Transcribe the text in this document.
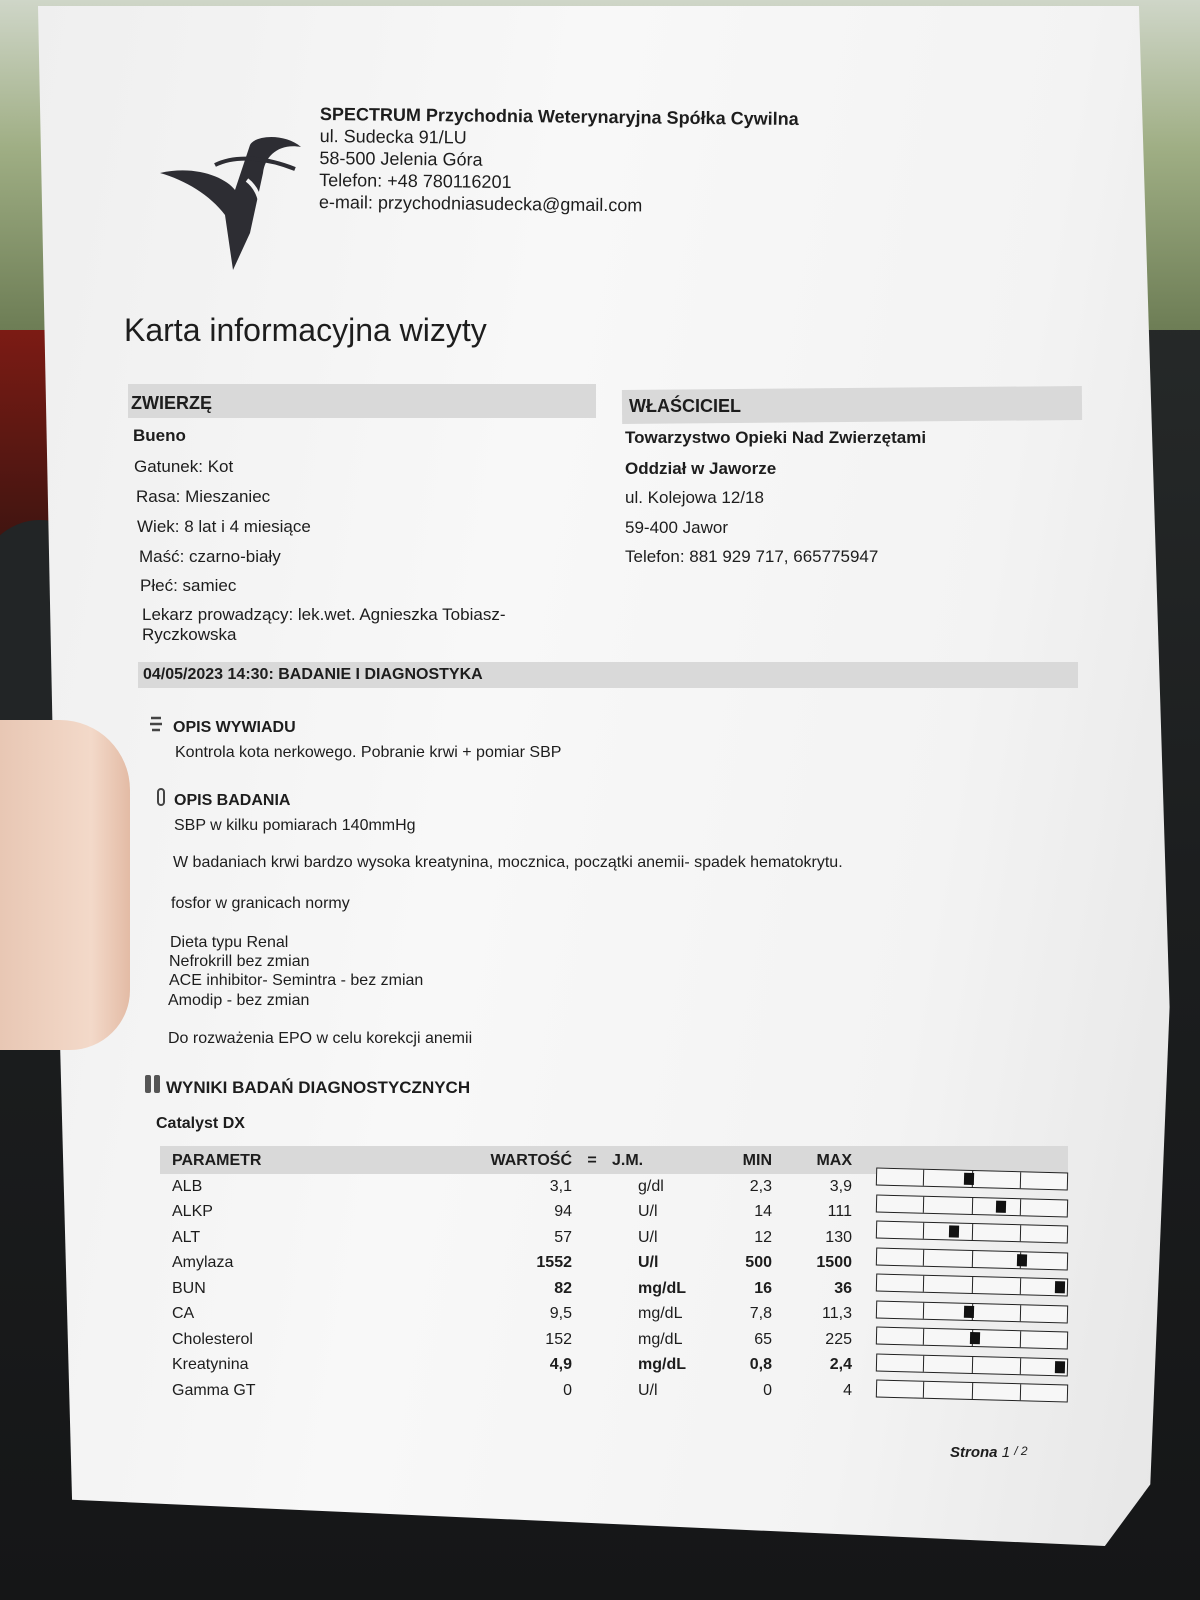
SPECTRUM Przychodnia Weterynaryjna Spółka Cywilna
ul. Sudecka 91/LU
58-500 Jelenia Góra
Telefon: +48 780116201
e-mail: przychodniasudecka@gmail.com
Karta informacyjna wizyty
ZWIERZĘ
Bueno
Gatunek: Kot
Rasa: Mieszaniec
Wiek: 8 lat i 4 miesiące
Maść: czarno-biały
Płeć: samiec
Lekarz prowadzący: lek.wet. Agnieszka Tobiasz-
Ryczkowska
WŁAŚCICIEL
Towarzystwo Opieki Nad Zwierzętami
Oddział w Jaworze
ul. Kolejowa 12/18
59-400 Jawor
Telefon: 881 929 717, 665775947
04/05/2023 14:30: BADANIE I DIAGNOSTYKA
OPIS WYWIADU
Kontrola kota nerkowego. Pobranie krwi + pomiar SBP
OPIS BADANIA
SBP w kilku pomiarach 140mmHg
W badaniach krwi bardzo wysoka kreatynina, mocznica, początki anemii- spadek hematokrytu.
fosfor w granicach normy
Dieta typu Renal
Nefrokrill bez zmian
ACE inhibitor- Semintra - bez zmian
Amodip - bez zmian
Do rozważenia EPO w celu korekcji anemii
WYNIKI BADAŃ DIAGNOSTYCZNYCH
Catalyst DX
PARAMETR	WARTOŚĆ	=	J.M.	MIN	MAX
ALB	3,1		g/dl	2,3	3,9
ALKP	94		U/l	14	111
ALT	57		U/l	12	130
Amylaza	1552		U/l	500	1500
BUN	82		mg/dL	16	36
CA	9,5		mg/dL	7,8	11,3
Cholesterol	152		mg/dL	65	225
Kreatynina	4,9		mg/dL	0,8	2,4
Gamma GT	0		U/l	0	4
Strona 1 $^{/ 2}$
